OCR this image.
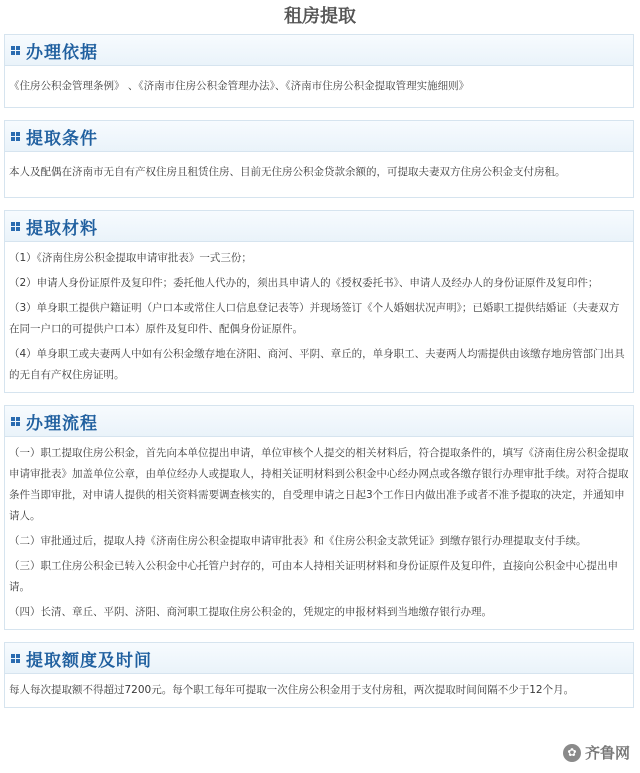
租房提取
办理依据

《住房公积金管理条例》 、《济南市住房公积金管理办法》、《济南市住房公积金提取管理实施细则》

提取条件

本人及配偶在济南市无自有产权住房且租赁住房、目前无住房公积金贷款余额的，可提取夫妻双方住房公积金支付房租。

提取材料

（1）《济南住房公积金提取申请审批表》一式三份；

（2）申请人身份证原件及复印件；委托他人代办的，须出具申请人的《授权委托书》、申请人及经办人的身份证原件及复印件；

（3）单身职工提供户籍证明（户口本或常住人口信息登记表等）并现场签订《个人婚姻状况声明》；已婚职工提供结婚证（夫妻双方在同一户口的可提供户口本）原件及复印件、配偶身份证原件。

（4）单身职工或夫妻两人中如有公积金缴存地在济阳、商河、平阴、章丘的，单身职工、夫妻两人均需提供由该缴存地房管部门出具的无自有产权住房证明。

办理流程

（一）职工提取住房公积金，首先向本单位提出申请，单位审核个人提交的相关材料后，符合提取条件的，填写《济南住房公积金提取申请审批表》加盖单位公章，由单位经办人或提取人，持相关证明材料到公积金中心经办网点或各缴存银行办理审批手续。对符合提取条件当即审批，对申请人提供的相关资料需要调查核实的，自受理申请之日起3个工作日内做出准予或者不准予提取的决定，并通知申请人。

（二）审批通过后，提取人持《济南住房公积金提取申请审批表》和《住房公积金支款凭证》到缴存银行办理提取支付手续。

（三）职工住房公积金已转入公积金中心托管户封存的，可由本人持相关证明材料和身份证原件及复印件，直接向公积金中心提出申请。

（四）长清、章丘、平阴、济阳、商河职工提取住房公积金的，凭规定的申报材料到当地缴存银行办理。

提取额度及时间

每人每次提取额不得超过7200元。每个职工每年可提取一次住房公积金用于支付房租，两次提取时间间隔不少于12个月。

✿ 齐鲁网
